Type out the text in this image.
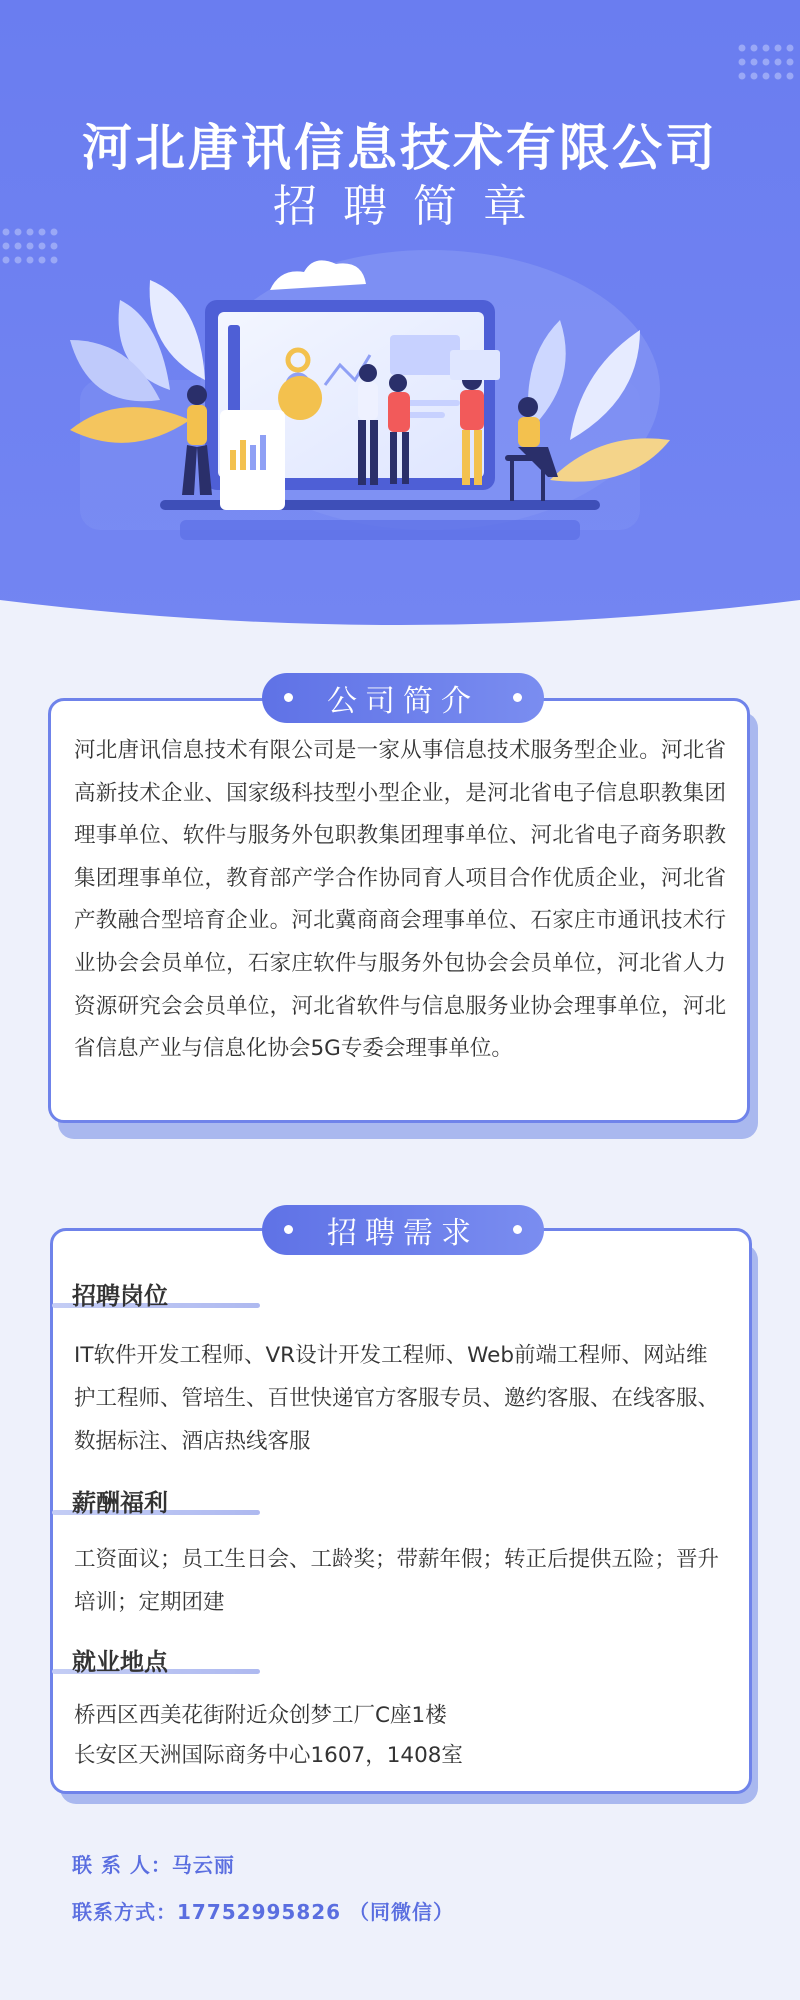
河北唐讯信息技术有限公司
招聘简章
公司简介
河北唐讯信息技术有限公司是一家从事信息技术服务型企业。河北省高新技术企业、国家级科技型小型企业，是河北省电子信息职教集团理事单位、软件与服务外包职教集团理事单位、河北省电子商务职教集团理事单位，教育部产学合作协同育人项目合作优质企业，河北省产教融合型培育企业。河北冀商商会理事单位、石家庄市通讯技术行业协会会员单位，石家庄软件与服务外包协会会员单位，河北省人力资源研究会会员单位，河北省软件与信息服务业协会理事单位，河北省信息产业与信息化协会5G专委会理事单位。
招聘需求
招聘岗位
IT软件开发工程师、VR设计开发工程师、Web前端工程师、网站维护工程师、管培生、百世快递官方客服专员、邀约客服、在线客服、数据标注、酒店热线客服
薪酬福利
工资面议；员工生日会、工龄奖；带薪年假；转正后提供五险；晋升培训；定期团建
就业地点
桥西区西美花街附近众创梦工厂C座1楼
长安区天洲国际商务中心1607，1408室
联 系 人：马云丽
联系方式：17752995826 （同微信）
